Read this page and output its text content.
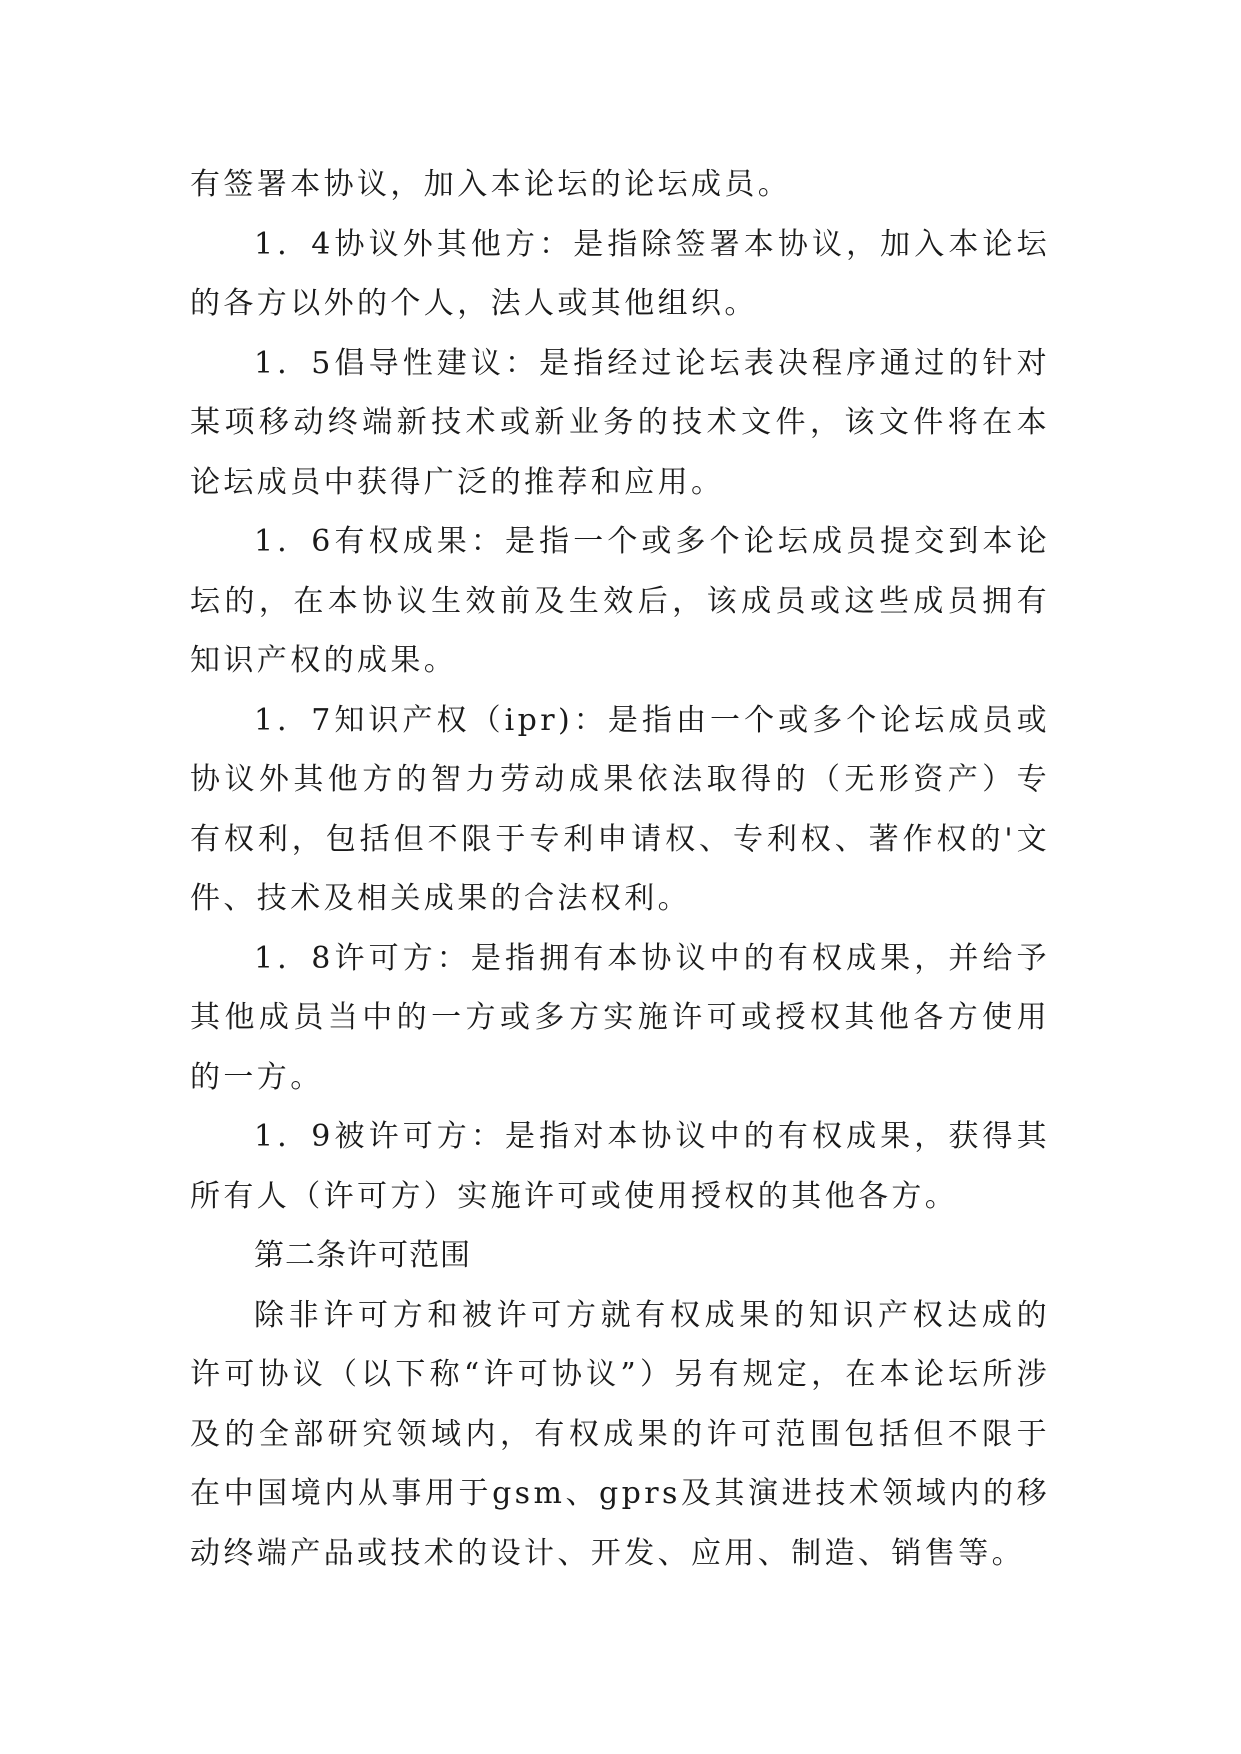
有签署本协议，加入本论坛的论坛成员。

1．4协议外其他方：是指除签署本协议，加入本论坛的各方以外的个人，法人或其他组织。

1．5倡导性建议：是指经过论坛表决程序通过的针对某项移动终端新技术或新业务的技术文件，该文件将在本论坛成员中获得广泛的推荐和应用。

1．6有权成果：是指一个或多个论坛成员提交到本论坛的，在本协议生效前及生效后，该成员或这些成员拥有知识产权的成果。

1．7知识产权（ipr)：是指由一个或多个论坛成员或协议外其他方的智力劳动成果依法取得的（无形资产）专有权利，包括但不限于专利申请权、专利权、著作权的'文件、技术及相关成果的合法权利。

1．8许可方：是指拥有本协议中的有权成果，并给予其他成员当中的一方或多方实施许可或授权其他各方使用的一方。

1．9被许可方：是指对本协议中的有权成果，获得其所有人（许可方）实施许可或使用授权的其他各方。

第二条许可范围

除非许可方和被许可方就有权成果的知识产权达成的许可协议（以下称“许可协议”）另有规定，在本论坛所涉及的全部研究领域内，有权成果的许可范围包括但不限于在中国境内从事用于gsm、gprs及其演进技术领域内的移动终端产品或技术的设计、开发、应用、制造、销售等。
